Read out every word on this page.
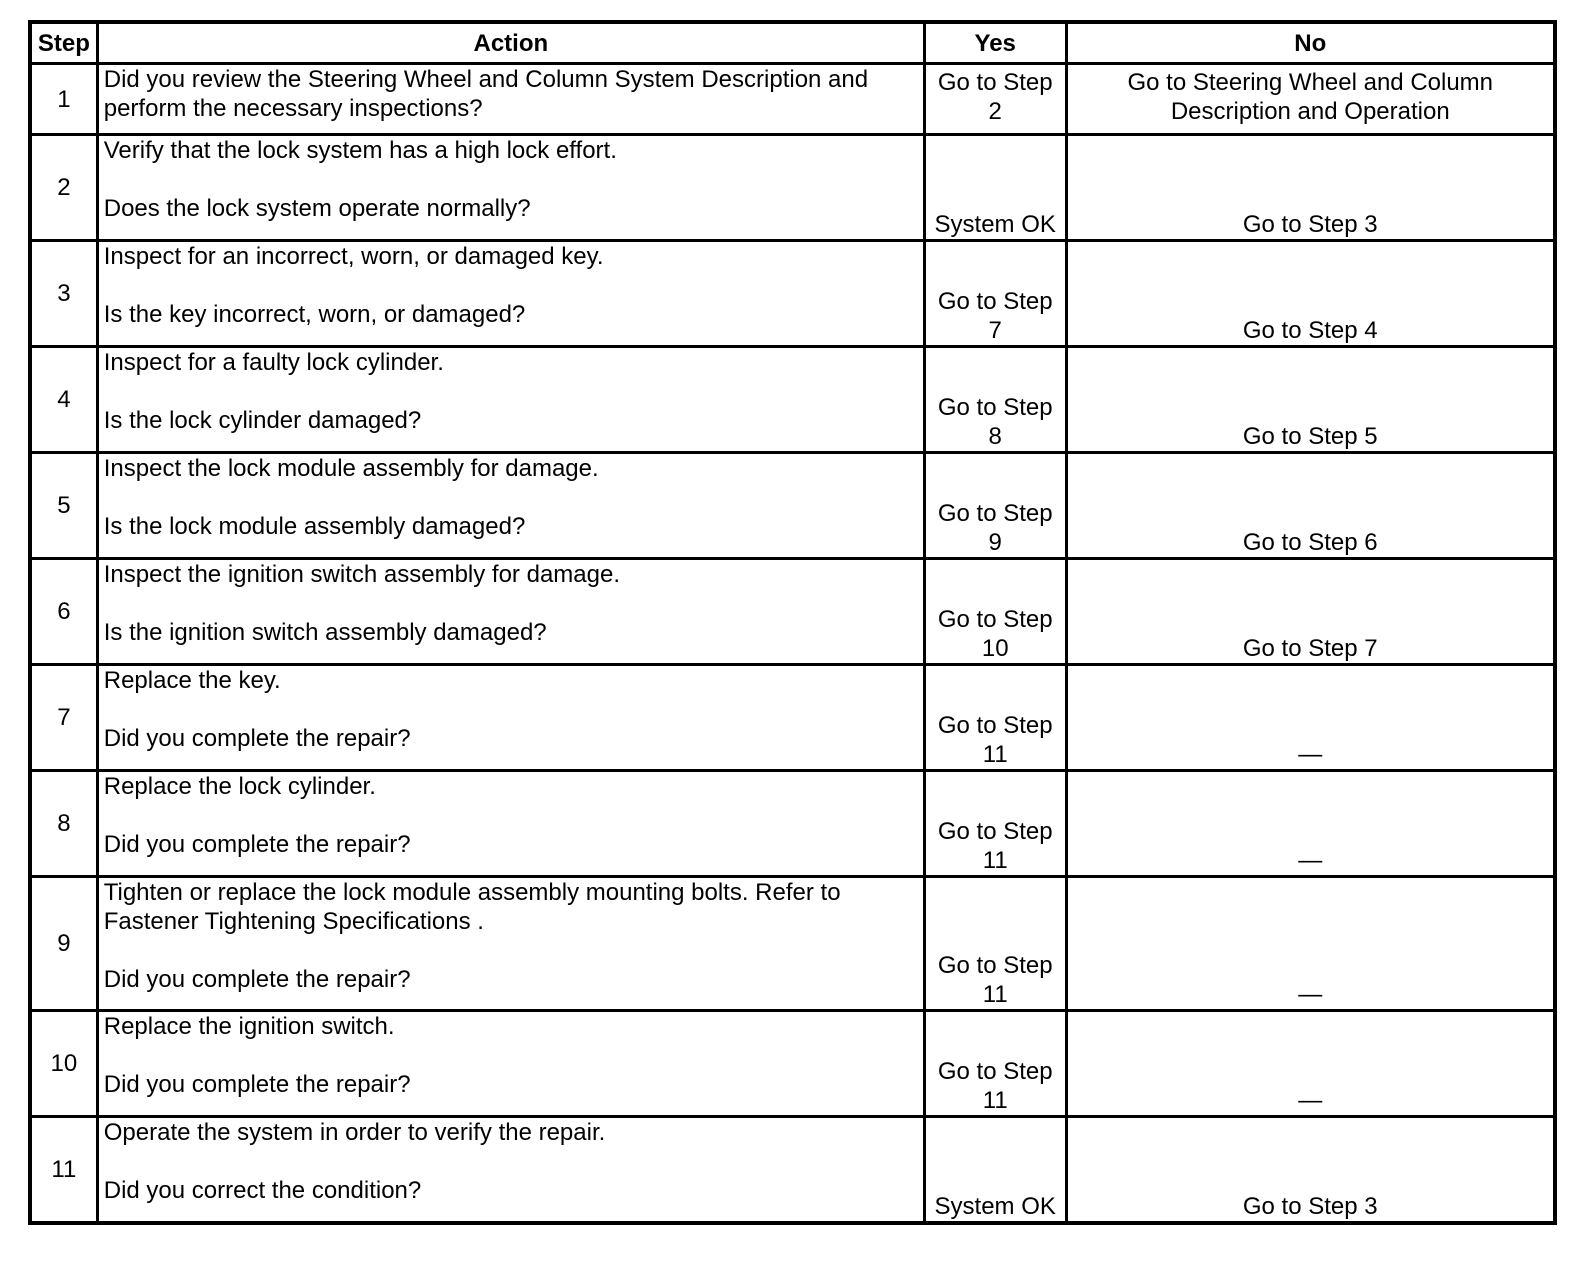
Step	Action	Yes	No
1	Did you review the Steering Wheel and Column System Description and
perform the necessary inspections?	Go to Step 2	Go to Steering Wheel and Column Description and Operation
2	Verify that the lock system has a high lock effort.
Does the lock system operate normally?	System OK	Go to Step 3
3	Inspect for an incorrect, worn, or damaged key.
Is the key incorrect, worn, or damaged?	Go to Step 7	Go to Step 4
4	Inspect for a faulty lock cylinder.
Is the lock cylinder damaged?	Go to Step 8	Go to Step 5
5	Inspect the lock module assembly for damage.
Is the lock module assembly damaged?	Go to Step 9	Go to Step 6
6	Inspect the ignition switch assembly for damage.
Is the ignition switch assembly damaged?	Go to Step 10	Go to Step 7
7	Replace the key.
Did you complete the repair?	Go to Step 11	—
8	Replace the lock cylinder.
Did you complete the repair?	Go to Step 11	—
9	Tighten or replace the lock module assembly mounting bolts. Refer to
Fastener Tightening Specifications .
Did you complete the repair?	Go to Step 11	—
10	Replace the ignition switch.
Did you complete the repair?	Go to Step 11	—
11	Operate the system in order to verify the repair.
Did you correct the condition?	System OK	Go to Step 3
